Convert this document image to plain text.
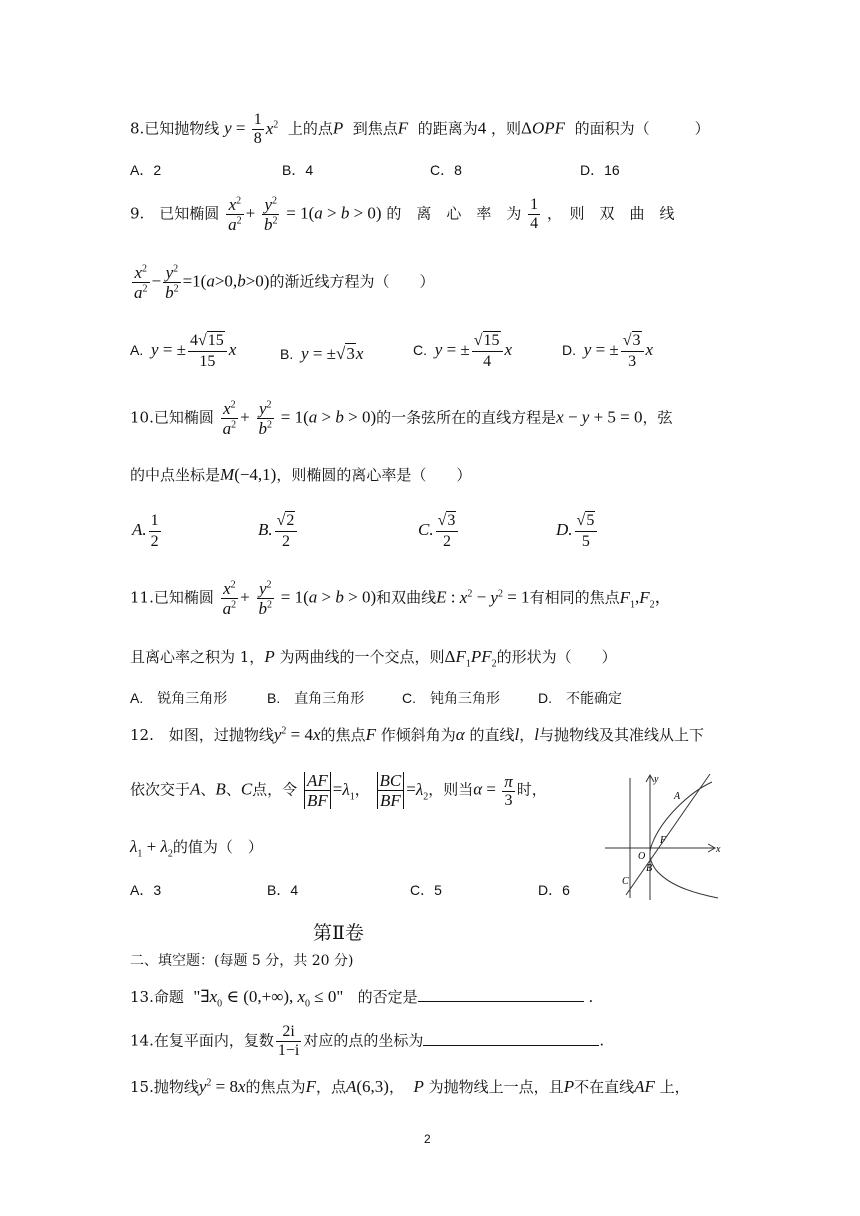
8.已知抛物线 $y = \frac{1}{8} x^2$ 上的点P 到焦点F 的距离为4 ，则ΔOPF 的面积为（　　　）
A．2	B．4	C．8	D．16
9.　已知椭圆 $\frac{x^2}{a^2} + \frac{y^2}{b^2} = 1(a > b > 0)$ 的　离　心　率　为 $\frac{1}{4}$ ，　则　双　曲　线
$\frac{x^2}{a^2} - \frac{y^2}{b^2} =1(a>0,b>0)$的渐近线方程为（　　）
A. y = ± $\frac{4√15}{15}$ x	B. y = ±√3x	C. y = ± $\frac{√15}{4}$ x	D. y = ± $\frac{√3}{3}$ x
10.已知椭圆 $\frac{x^2}{a^2} + \frac{y^2}{b^2} = 1(a > b > 0)$的一条弦所在的直线方程是x − y + 5 = 0，弦
的中点坐标是M(−4,1)，则椭圆的离心率是（　　）
A. $\frac{1}{2}$	B. $\frac{√2}{2}$	C. $\frac{√3}{2}$	D. $\frac{√5}{5}$
11.已知椭圆 $\frac{x^2}{a^2} + \frac{y^2}{b^2} = 1(a > b > 0)$和双曲线E : $x^2 - y^2 = 1$有相同的焦点$F_1,F_2$，
且离心率之积为 1，P 为两曲线的一个交点，则$\Delta F_1PF_2$的形状为（　　）
A.　锐角三角形	B.　直角三角形	C.　钝角三角形	D.　不能确定
12.　如图，过抛物线$y^2 = 4x$的焦点F 作倾斜角为α 的直线l，l与抛物线及其准线从上下
依次交于A、B、C点，令 $\frac{AF}{BF} =\lambda_1$， $\frac{BC}{BF} =\lambda_2$，则当$\alpha = \frac{\pi}{3}$ 时，
$\lambda_1 + \lambda_2$的值为（　）
A．3	B．4	C．5	D．6
y
x
A
F
O
B
C
第Ⅱ卷
二、填空题：(每题 5 分，共 20 分)
13.命题 "$\exists x_0$ ∈ (0,+∞), $x_0 \le 0$" 的否定是	.
14.在复平面内，复数 $\frac{2i}{1-i}$ 对应的点的坐标为	.
15.抛物线$y^2 = 8x$的焦点为F，点A(6,3)， P 为抛物线上一点，且P不在直线AF 上，
2
